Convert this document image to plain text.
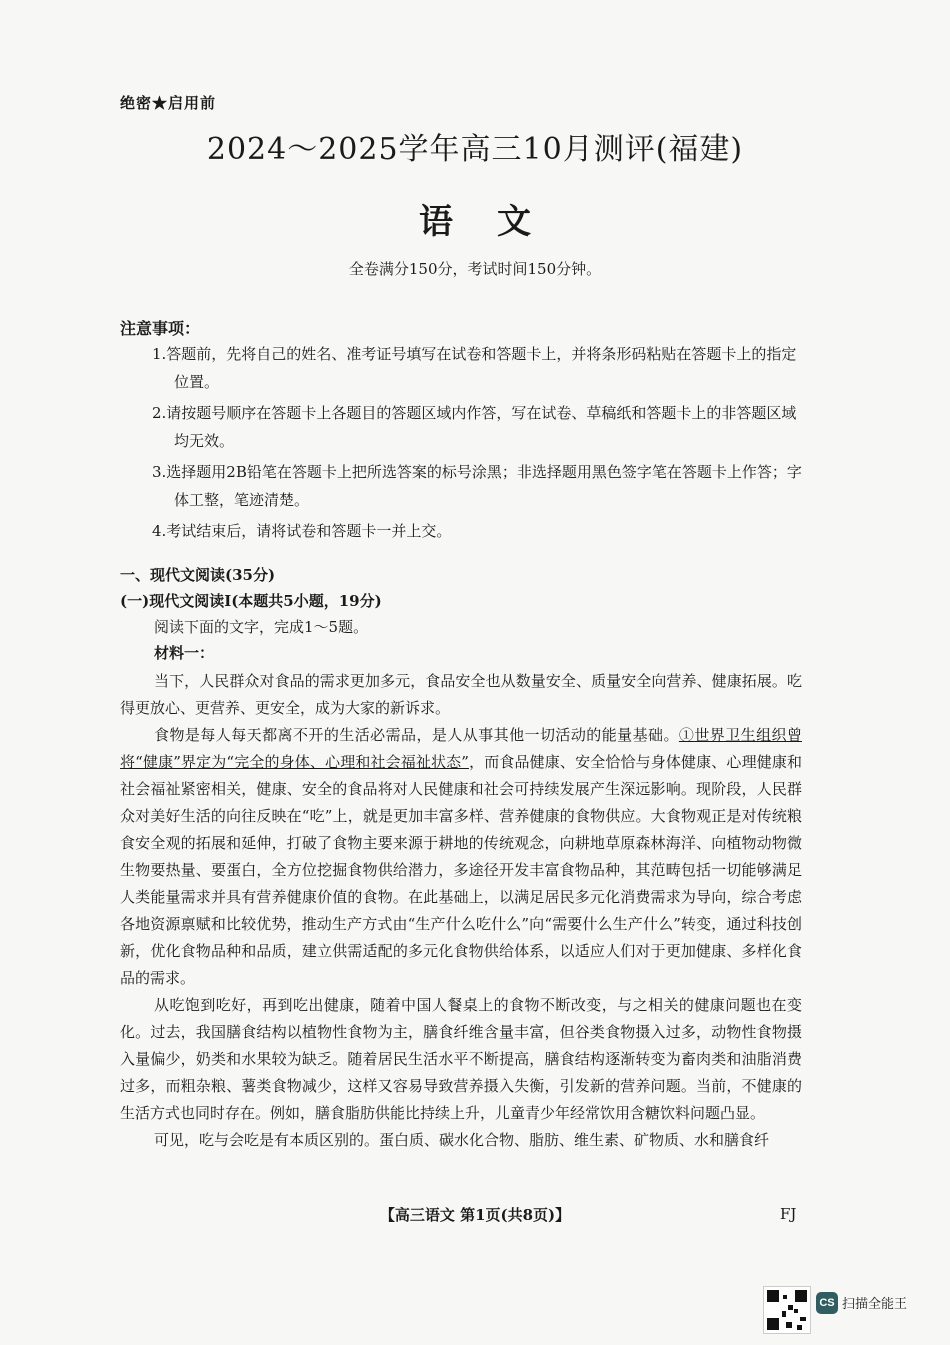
绝密★启用前
2024～2025学年高三10月测评(福建)
语文
全卷满分150分，考试时间150分钟。
注意事项：

1.答题前，先将自己的姓名、准考证号填写在试卷和答题卡上，并将条形码粘贴在答题卡上的指定位置。

2.请按题号顺序在答题卡上各题目的答题区域内作答，写在试卷、草稿纸和答题卡上的非答题区域均无效。

3.选择题用2B铅笔在答题卡上把所选答案的标号涂黑；非选择题用黑色签字笔在答题卡上作答；字体工整，笔迹清楚。

4.考试结束后，请将试卷和答题卡一并上交。

一、现代文阅读(35分)
(一)现代文阅读Ⅰ(本题共5小题，19分)
阅读下面的文字，完成1～5题。
材料一：

当下，人民群众对食品的需求更加多元，食品安全也从数量安全、质量安全向营养、健康拓展。吃得更放心、更营养、更安全，成为大家的新诉求。

食物是每人每天都离不开的生活必需品，是人从事其他一切活动的能量基础。①世界卫生组织曾将“健康”界定为“完全的身体、心理和社会福祉状态”，而食品健康、安全恰恰与身体健康、心理健康和社会福祉紧密相关，健康、安全的食品将对人民健康和社会可持续发展产生深远影响。现阶段，人民群众对美好生活的向往反映在“吃”上，就是更加丰富多样、营养健康的食物供应。大食物观正是对传统粮食安全观的拓展和延伸，打破了食物主要来源于耕地的传统观念，向耕地草原森林海洋、向植物动物微生物要热量、要蛋白，全方位挖掘食物供给潜力，多途径开发丰富食物品种，其范畴包括一切能够满足人类能量需求并具有营养健康价值的食物。在此基础上，以满足居民多元化消费需求为导向，综合考虑各地资源禀赋和比较优势，推动生产方式由“生产什么吃什么”向“需要什么生产什么”转变，通过科技创新，优化食物品种和品质，建立供需适配的多元化食物供给体系，以适应人们对于更加健康、多样化食品的需求。

从吃饱到吃好，再到吃出健康，随着中国人餐桌上的食物不断改变，与之相关的健康问题也在变化。过去，我国膳食结构以植物性食物为主，膳食纤维含量丰富，但谷类食物摄入过多，动物性食物摄入量偏少，奶类和水果较为缺乏。随着居民生活水平不断提高，膳食结构逐渐转变为畜肉类和油脂消费过多，而粗杂粮、薯类食物减少，这样又容易导致营养摄入失衡，引发新的营养问题。当前，不健康的生活方式也同时存在。例如，膳食脂肪供能比持续上升，儿童青少年经常饮用含糖饮料问题凸显。

可见，吃与会吃是有本质区别的。蛋白质、碳水化合物、脂肪、维生素、矿物质、水和膳食纤

【高三语文 第1页(共8页)】	FJ
CS 扫描全能王
